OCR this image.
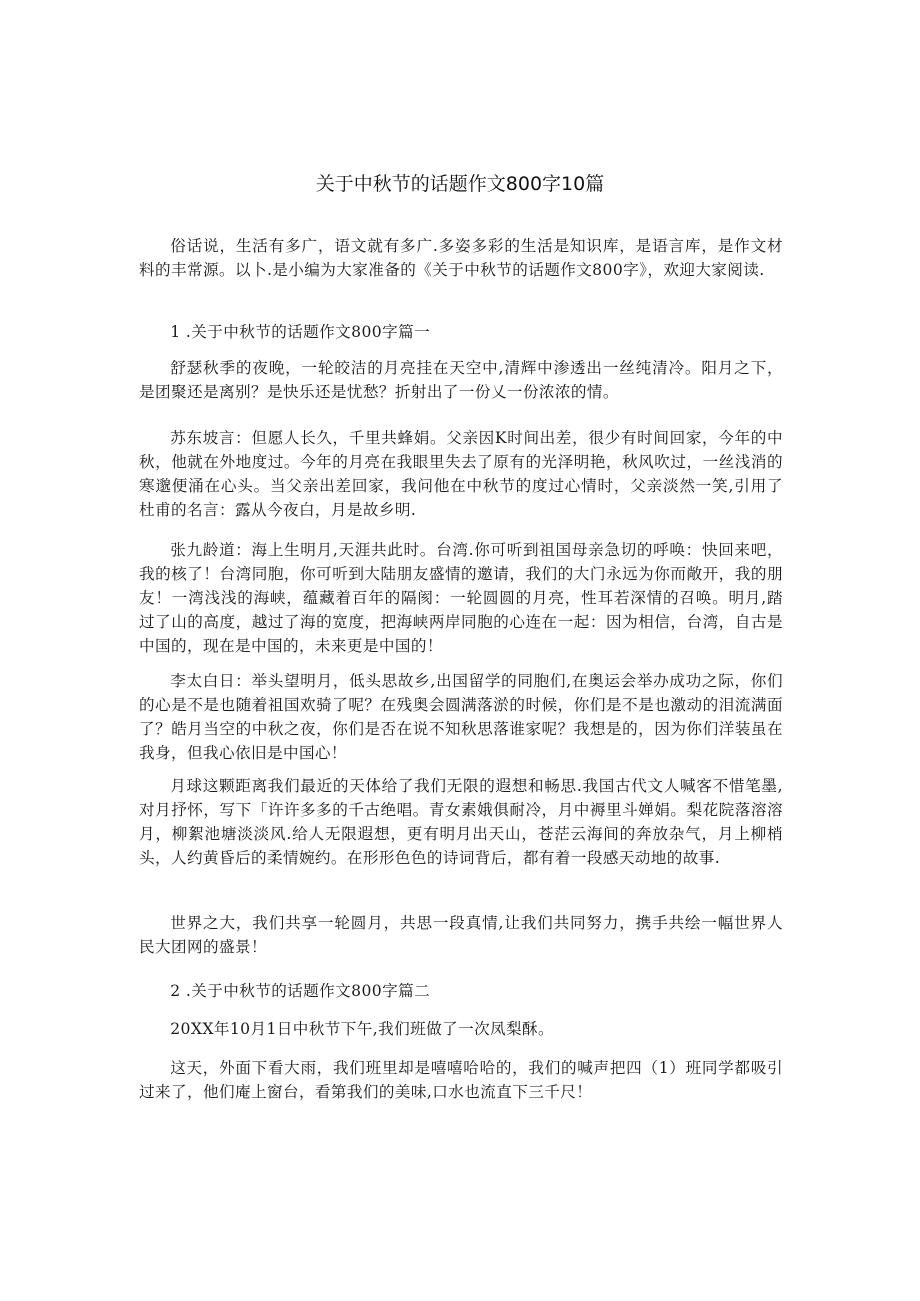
关于中秋节的话题作文800字10篇

俗话说，生活有多广，语文就有多广.多姿多彩的生活是知识库，是语言库，是作文材料的丰常源。以卜.是小编为大家准备的《关于中秋节的话题作文800字》，欢迎大家阅读.

1 .关于中秋节的话题作文800字篇一

舒瑟秋季的夜晚，一轮皎洁的月亮挂在天空中,清辉中渗透出一丝纯清冷。阳月之下，是团聚还是离别？是快乐还是忧愁？折射出了一份乂一份浓浓的情。

苏东坡言：但愿人长久，千里共蜂娟。父亲因K时间出差，很少有时间回家，今年的中秋，他就在外地度过。今年的月亮在我眼里失去了原有的光泽明艳，秋风吹过，一丝浅消的寒邈便涌在心头。当父亲出差回家，我问他在中秋节的度过心情时，父亲淡然一笑,引用了杜甫的名言：露从今夜白，月是故乡明.

张九龄道：海上生明月,天涯共此时。台湾.你可听到祖国母亲急切的呼唤：快回来吧，我的核了！台湾同胞，你可听到大陆朋友盛情的邀请，我们的大门永远为你而敞开，我的朋友！一湾浅浅的海峡，蕴藏着百年的隔阂：一轮圆圆的月亮，性耳若深情的召唤。明月,踏过了山的高度，越过了海的宽度，把海峡两岸同胞的心连在一起：因为相信，台湾，自古是中国的，现在是中国的，未来更是中国的！

李太白日：举头望明月，低头思故乡,出国留学的同胞们,在奥运会举办成功之际，你们的心是不是也随着祖国欢骑了呢？在残奥会圆满落淤的时候，你们是不是也激动的泪流满面了？皓月当空的中秋之夜，你们是否在说不知秋思落谁家呢？我想是的，因为你们洋装虽在我身，但我心依旧是中国心！

月球这颗距离我们最近的天体给了我们无限的遐想和畅思.我国古代文人喊客不惜笔墨,对月抒怀，写下「许许多多的千古绝唱。青女素娥俱耐冷，月中褥里斗婵娟。梨花院落溶溶月，柳絮池塘淡淡风.给人无限遐想，更有明月出天山，苍茫云海间的奔放杂气，月上柳梢头，人约黄昏后的柔情婉约。在形形色色的诗词背后，都有着一段感天动地的故事.

世界之大，我们共享一轮圆月，共思一段真情,让我们共同努力，携手共绘一幅世界人民大团网的盛景！

2 .关于中秋节的话题作文800字篇二

20XX年10月1日中秋节下午,我们班做了一次凤梨酥。

这天，外面下看大雨，我们班里却是嘻嘻哈哈的，我们的喊声把四（1）班同学都吸引过来了，他们庵上窗台，看第我们的美味,口水也流直下三千尺！
